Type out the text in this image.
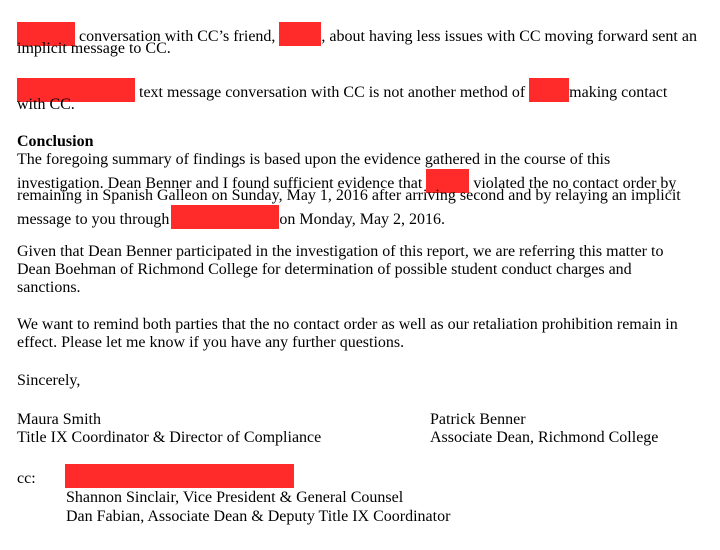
conversation with CC’s friend,	, about having less issues with CC moving forward sent an
implicit message to CC.
text message conversation with CC is not another method of	making contact
with CC.
Conclusion
The foregoing summary of findings is based upon the evidence gathered in the course of this
investigation. Dean Benner and I found sufficient evidence that	violated the no contact order by
remaining in Spanish Galleon on Sunday, May 1, 2016 after arriving second and by relaying an implicit
message to you through	on Monday, May 2, 2016.
Given that Dean Benner participated in the investigation of this report, we are referring this matter to
Dean Boehman of Richmond College for determination of possible student conduct charges and
sanctions.
We want to remind both parties that the no contact order as well as our retaliation prohibition remain in
effect. Please let me know if you have any further questions.
Sincerely,
Maura Smith
Title IX Coordinator & Director of Compliance
Patrick Benner
Associate Dean, Richmond College
cc:
Shannon Sinclair, Vice President & General Counsel
Dan Fabian, Associate Dean & Deputy Title IX Coordinator
